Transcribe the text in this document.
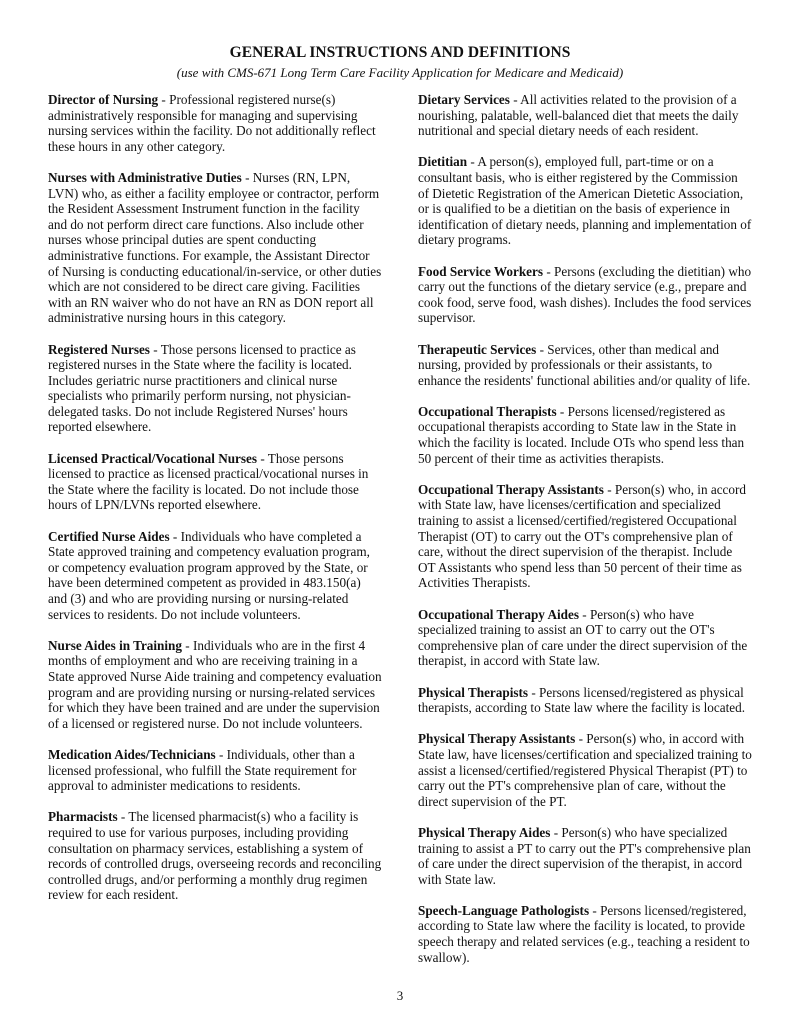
GENERAL INSTRUCTIONS AND DEFINITIONS
(use with CMS-671 Long Term Care Facility Application for Medicare and Medicaid)

Director of Nursing - Professional registered nurse(s) administratively responsible for managing and supervising nursing services within the facility. Do not additionally reflect these hours in any other category.

Nurses with Administrative Duties - Nurses (RN, LPN, LVN) who, as either a facility employee or contractor, perform the Resident Assessment Instrument function in the facility and do not perform direct care functions. Also include other nurses whose principal duties are spent conducting administrative functions. For example, the Assistant Director of Nursing is conducting educational/in-service, or other duties which are not considered to be direct care giving. Facilities with an RN waiver who do not have an RN as DON report all administrative nursing hours in this category.

Registered Nurses - Those persons licensed to practice as registered nurses in the State where the facility is located. Includes geriatric nurse practitioners and clinical nurse specialists who primarily perform nursing, not physician-delegated tasks. Do not include Registered Nurses' hours reported elsewhere.

Licensed Practical/Vocational Nurses - Those persons licensed to practice as licensed practical/vocational nurses in the State where the facility is located. Do not include those hours of LPN/LVNs reported elsewhere.

Certified Nurse Aides - Individuals who have completed a State approved training and competency evaluation program, or competency evaluation program approved by the State, or have been determined competent as provided in 483.150(a) and (3) and who are providing nursing or nursing-related services to residents. Do not include volunteers.

Nurse Aides in Training - Individuals who are in the first 4 months of employment and who are receiving training in a State approved Nurse Aide training and competency evaluation program and are providing nursing or nursing-related services for which they have been trained and are under the supervision of a licensed or registered nurse. Do not include volunteers.

Medication Aides/Technicians - Individuals, other than a licensed professional, who fulfill the State requirement for approval to administer medications to residents.

Pharmacists - The licensed pharmacist(s) who a facility is required to use for various purposes, including providing consultation on pharmacy services, establishing a system of records of controlled drugs, overseeing records and reconciling controlled drugs, and/or performing a monthly drug regimen review for each resident.

Dietary Services - All activities related to the provision of a nourishing, palatable, well-balanced diet that meets the daily nutritional and special dietary needs of each resident.

Dietitian - A person(s), employed full, part-time or on a consultant basis, who is either registered by the Commission of Dietetic Registration of the American Dietetic Association, or is qualified to be a dietitian on the basis of experience in identification of dietary needs, planning and implementation of dietary programs.

Food Service Workers - Persons (excluding the dietitian) who carry out the functions of the dietary service (e.g., prepare and cook food, serve food, wash dishes). Includes the food services supervisor.

Therapeutic Services - Services, other than medical and nursing, provided by professionals or their assistants, to enhance the residents' functional abilities and/or quality of life.

Occupational Therapists - Persons licensed/registered as occupational therapists according to State law in the State in which the facility is located. Include OTs who spend less than 50 percent of their time as activities therapists.

Occupational Therapy Assistants - Person(s) who, in accord with State law, have licenses/certification and specialized training to assist a licensed/certified/registered Occupational Therapist (OT) to carry out the OT's comprehensive plan of care, without the direct supervision of the therapist. Include OT Assistants who spend less than 50 percent of their time as Activities Therapists.

Occupational Therapy Aides - Person(s) who have specialized training to assist an OT to carry out the OT's comprehensive plan of care under the direct supervision of the therapist, in accord with State law.

Physical Therapists - Persons licensed/registered as physical therapists, according to State law where the facility is located.

Physical Therapy Assistants - Person(s) who, in accord with State law, have licenses/certification and specialized training to assist a licensed/certified/registered Physical Therapist (PT) to carry out the PT's comprehensive plan of care, without the direct supervision of the PT.

Physical Therapy Aides - Person(s) who have specialized training to assist a PT to carry out the PT's comprehensive plan of care under the direct supervision of the therapist, in accord with State law.

Speech-Language Pathologists - Persons licensed/registered, according to State law where the facility is located, to provide speech therapy and related services (e.g., teaching a resident to swallow).

3
